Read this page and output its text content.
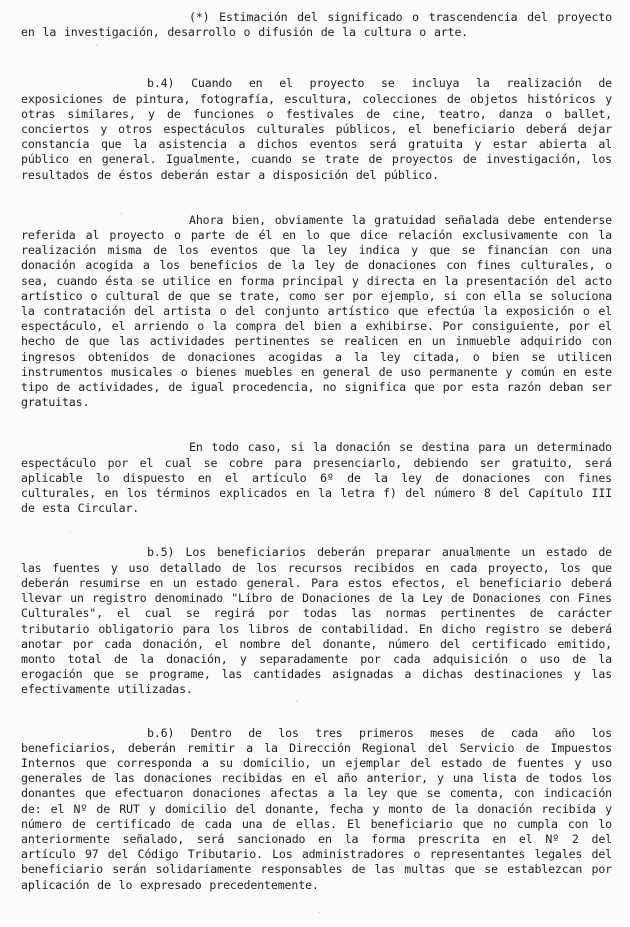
(*) Estimación del significado o trascendencia del proyecto en la investigación, desarrollo o difusión de la cultura o arte.

b.4) Cuando en el proyecto se incluya la realización de exposiciones de pintura, fotografía, escultura, colecciones de objetos históricos y otras similares, y de funciones o festivales de cine, teatro, danza o ballet, conciertos y otros espectáculos culturales públicos, el beneficiario deberá dejar constancia que la asistencia a dichos eventos será gratuita y estar abierta al público en general. Igualmente, cuando se trate de proyectos de investigación, los resultados de éstos deberán estar a disposición del público.

Ahora bien, obviamente la gratuidad señalada debe entenderse referida al proyecto o parte de él en lo que dice relación exclusivamente con la realización misma de los eventos que la ley indica y que se financian con una donación acogida a los beneficios de la ley de donaciones con fines culturales, o sea, cuando ésta se utilice en forma principal y directa en la presentación del acto artístico o cultural de que se trate, como ser por ejemplo, si con ella se soluciona la contratación del artista o del conjunto artístico que efectúa la exposición o el espectáculo, el arriendo o la compra del bien a exhibirse. Por consiguiente, por el hecho de que las actividades pertinentes se realicen en un inmueble adquirido con ingresos obtenidos de donaciones acogidas a la ley citada, o bien se utilicen instrumentos musicales o bienes muebles en general de uso permanente y común en este tipo de actividades, de igual procedencia, no significa que por esta razón deban ser gratuitas.

En todo caso, si la donación se destina para un determinado espectáculo por el cual se cobre para presenciarlo, debiendo ser gratuito, será aplicable lo dispuesto en el artículo 6º de la ley de donaciones con fines culturales, en los términos explicados en la letra f) del número 8 del Capítulo III de esta Circular.

b.5) Los beneficiarios deberán preparar anualmente un estado de las fuentes y uso detallado de los recursos recibidos en cada proyecto, los que deberán resumirse en un estado general. Para estos efectos, el beneficiario deberá llevar un registro denominado "Libro de Donaciones de la Ley de Donaciones con Fines Culturales", el cual se regirá por todas las normas pertinentes de carácter tributario obligatorio para los libros de contabilidad. En dicho registro se deberá anotar por cada donación, el nombre del donante, número del certificado emitido, monto total de la donación, y separadamente por cada adquisición o uso de la erogación que se programe, las cantidades asignadas a dichas destinaciones y las efectivamente utilizadas.

b.6) Dentro de los tres primeros meses de cada año los beneficiarios, deberán remitir a la Dirección Regional del Servicio de Impuestos Internos que corresponda a su domicilio, un ejemplar del estado de fuentes y uso generales de las donaciones recibidas en el año anterior, y una lista de todos los donantes que efectuaron donaciones afectas a la ley que se comenta, con indicación de: el Nº de RUT y domicilio del donante, fecha y monto de la donación recibida y número de certificado de cada una de ellas. El beneficiario que no cumpla con lo anteriormente señalado, será sancionado en la forma prescrita en el Nº 2 del artículo 97 del Código Tributario. Los administradores o representantes legales del beneficiario serán solidariamente responsables de las multas que se establezcan por aplicación de lo expresado precedentemente.
